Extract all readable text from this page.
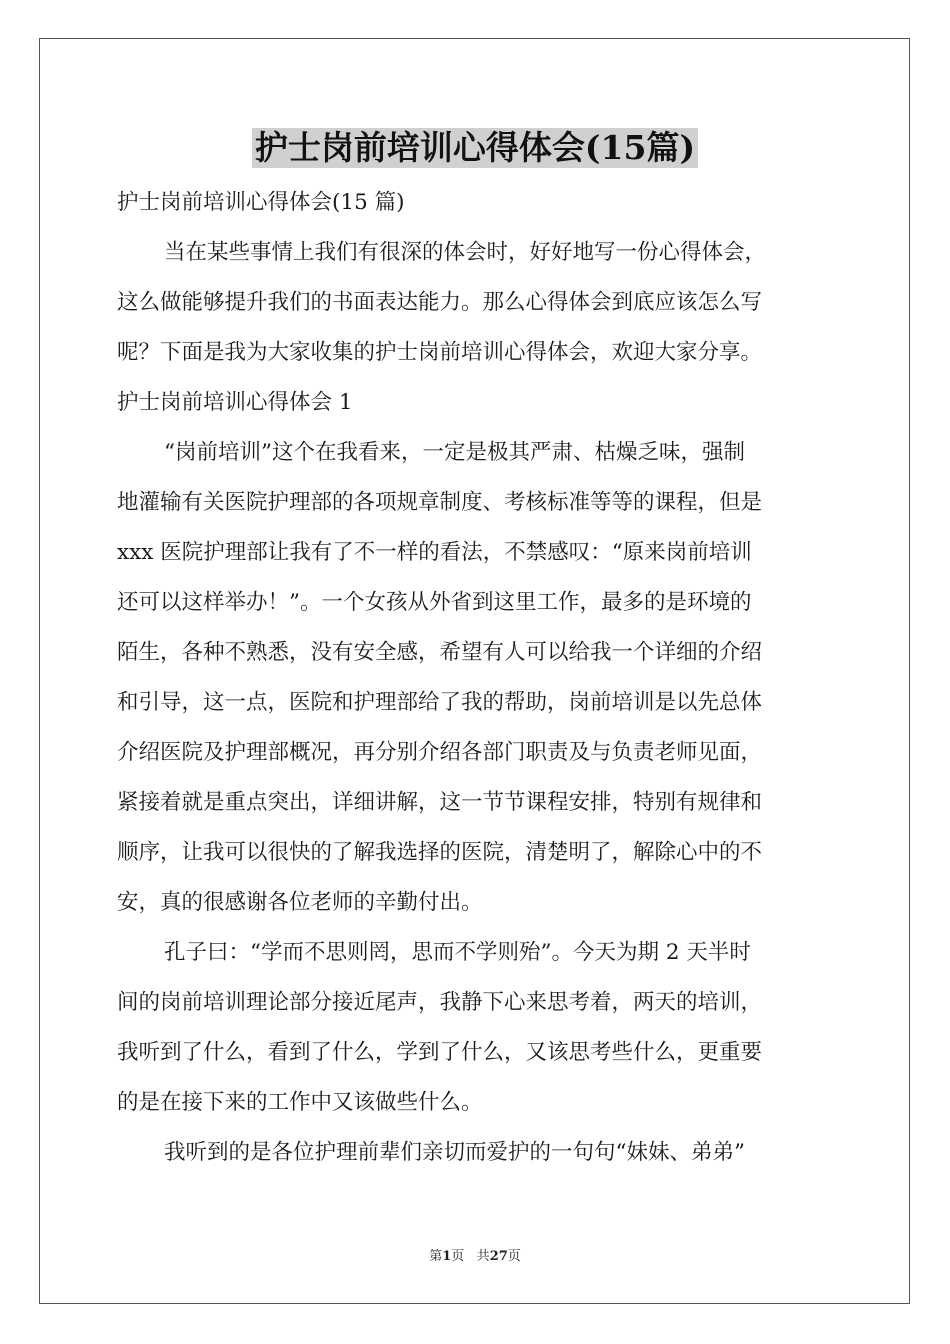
护士岗前培训心得体会(15篇)
护士岗前培训心得体会(15 篇)
当在某些事情上我们有很深的体会时，好好地写一份心得体会，
这么做能够提升我们的书面表达能力。那么心得体会到底应该怎么写
呢？下面是我为大家收集的护士岗前培训心得体会，欢迎大家分享。
护士岗前培训心得体会 1
“岗前培训”这个在我看来，一定是极其严肃、枯燥乏味，强制
地灌输有关医院护理部的各项规章制度、考核标准等等的课程，但是
xxx 医院护理部让我有了不一样的看法，不禁感叹：“原来岗前培训
还可以这样举办！”。一个女孩从外省到这里工作，最多的是环境的
陌生，各种不熟悉，没有安全感，希望有人可以给我一个详细的介绍
和引导，这一点，医院和护理部给了我的帮助，岗前培训是以先总体
介绍医院及护理部概况，再分别介绍各部门职责及与负责老师见面，
紧接着就是重点突出，详细讲解，这一节节课程安排，特别有规律和
顺序，让我可以很快的了解我选择的医院，清楚明了，解除心中的不
安，真的很感谢各位老师的辛勤付出。
孔子曰：“学而不思则罔，思而不学则殆”。今天为期 2 天半时
间的岗前培训理论部分接近尾声，我静下心来思考着，两天的培训，
我听到了什么，看到了什么，学到了什么，又该思考些什么，更重要
的是在接下来的工作中又该做些什么。
我听到的是各位护理前辈们亲切而爱护的一句句“妹妹、弟弟”
第1页 共27页
